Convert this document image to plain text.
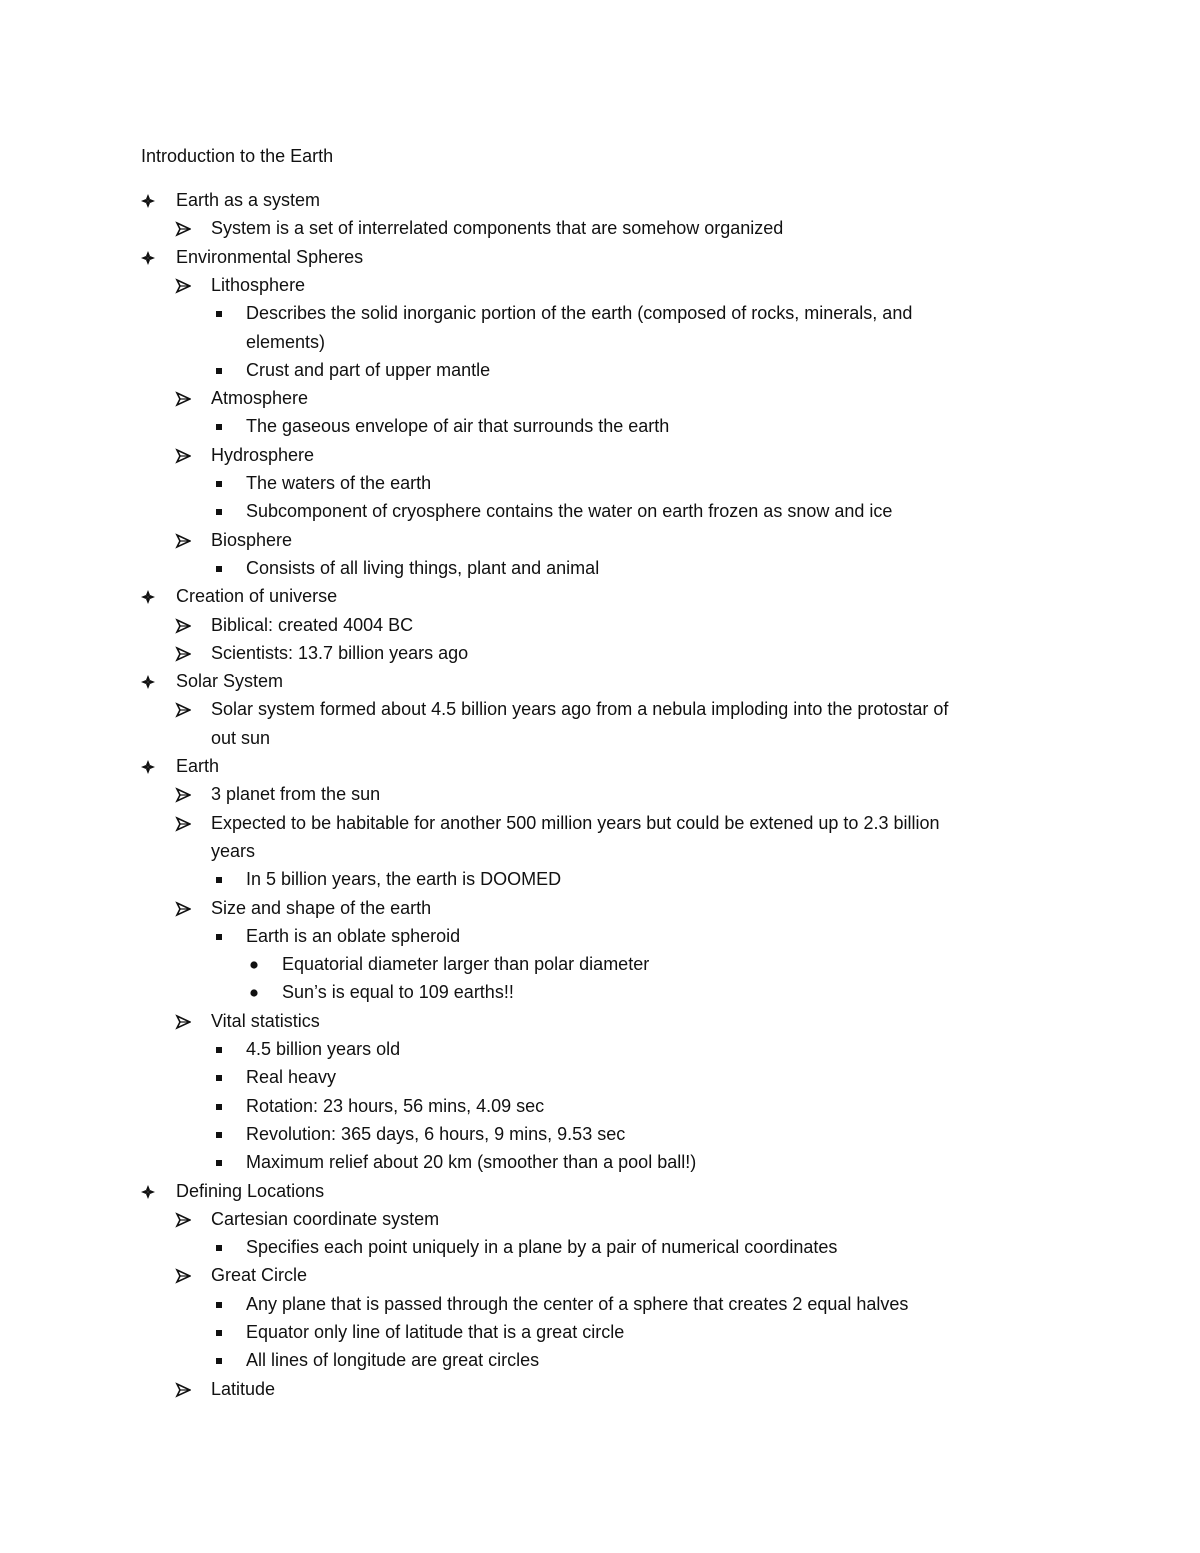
Introduction to the Earth
Earth as a system
System is a set of interrelated components that are somehow organized
Environmental Spheres
Lithosphere
Describes the solid inorganic portion of the earth (composed of rocks, minerals, and
elements)
Crust and part of upper mantle
Atmosphere
The gaseous envelope of air that surrounds the earth
Hydrosphere
The waters of the earth
Subcomponent of cryosphere contains the water on earth frozen as snow and ice
Biosphere
Consists of all living things, plant and animal
Creation of universe
Biblical: created 4004 BC
Scientists: 13.7 billion years ago
Solar System
Solar system formed about 4.5 billion years ago from a nebula imploding into the protostar of
out sun
Earth
3 planet from the sun
Expected to be habitable for another 500 million years but could be extened up to 2.3 billion
years
In 5 billion years, the earth is DOOMED
Size and shape of the earth
Earth is an oblate spheroid
Equatorial diameter larger than polar diameter
Sun’s is equal to 109 earths!!
Vital statistics
4.5 billion years old
Real heavy
Rotation: 23 hours, 56 mins, 4.09 sec
Revolution: 365 days, 6 hours, 9 mins, 9.53 sec
Maximum relief about 20 km (smoother than a pool ball!)
Defining Locations
Cartesian coordinate system
Specifies each point uniquely in a plane by a pair of numerical coordinates
Great Circle
Any plane that is passed through the center of a sphere that creates 2 equal halves
Equator only line of latitude that is a great circle
All lines of longitude are great circles
Latitude
